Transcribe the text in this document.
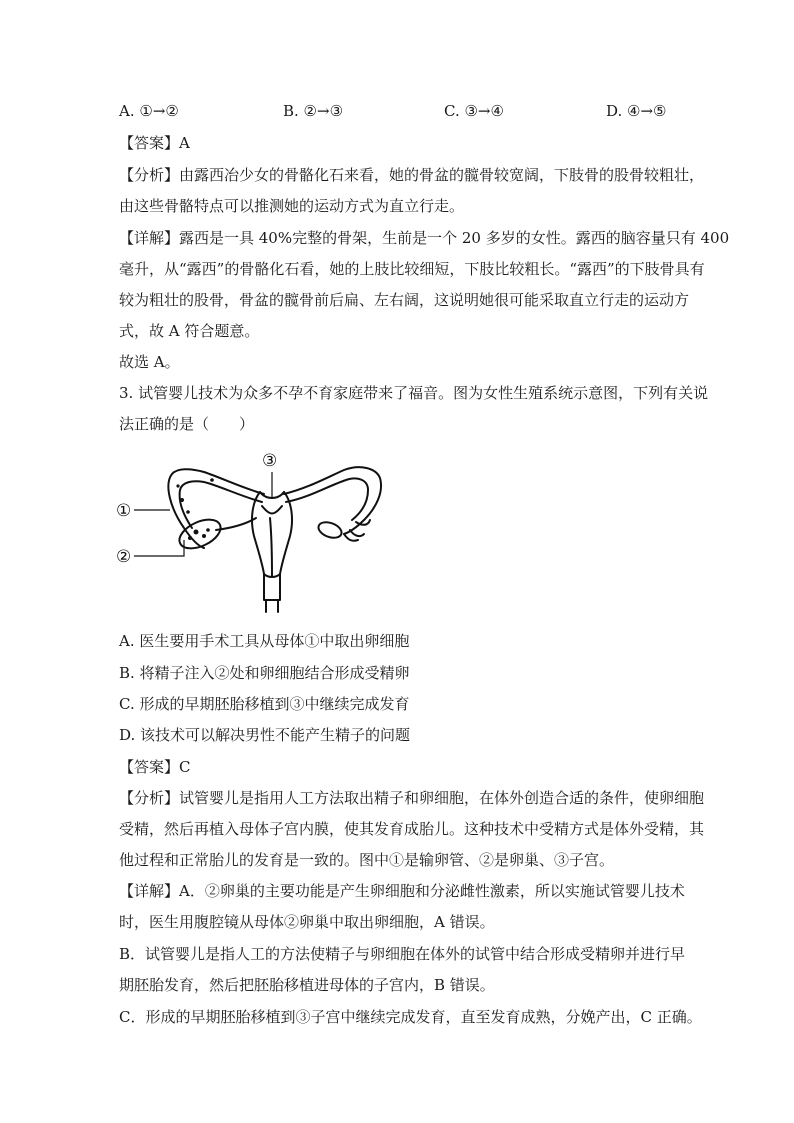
A. ①→②	B. ②→③	C. ③→④	D. ④→⑤
【答案】A
【分析】由露西冶少女的骨骼化石来看，她的骨盆的髋骨较宽阔，下肢骨的股骨较粗壮，
由这些骨骼特点可以推测她的运动方式为直立行走。
【详解】露西是一具 40%完整的骨架，生前是一个 20 多岁的女性。露西的脑容量只有 400
毫升，从“露西”的骨骼化石看，她的上肢比较细短，下肢比较粗长。“露西”的下肢骨具有
较为粗壮的股骨，骨盆的髋骨前后扁、左右阔，这说明她很可能采取直立行走的运动方
式，故 A 符合题意。
故选 A。
3. 试管婴儿技术为众多不孕不育家庭带来了福音。图为女性生殖系统示意图，下列有关说
法正确的是（　　）
①
②
③
A. 医生要用手术工具从母体①中取出卵细胞
B. 将精子注入②处和卵细胞结合形成受精卵
C. 形成的早期胚胎移植到③中继续完成发育
D. 该技术可以解决男性不能产生精子的问题
【答案】C
【分析】试管婴儿是指用人工方法取出精子和卵细胞，在体外创造合适的条件，使卵细胞
受精，然后再植入母体子宫内膜，使其发育成胎儿。这种技术中受精方式是体外受精，其
他过程和正常胎儿的发育是一致的。图中①是输卵管、②是卵巢、③子宫。
【详解】A．②卵巢的主要功能是产生卵细胞和分泌雌性激素，所以实施试管婴儿技术
时，医生用腹腔镜从母体②卵巢中取出卵细胞，A 错误。
B．试管婴儿是指人工的方法使精子与卵细胞在体外的试管中结合形成受精卵并进行早
期胚胎发育，然后把胚胎移植进母体的子宫内，B 错误。
C．形成的早期胚胎移植到③子宫中继续完成发育，直至发育成熟，分娩产出，C 正确。
